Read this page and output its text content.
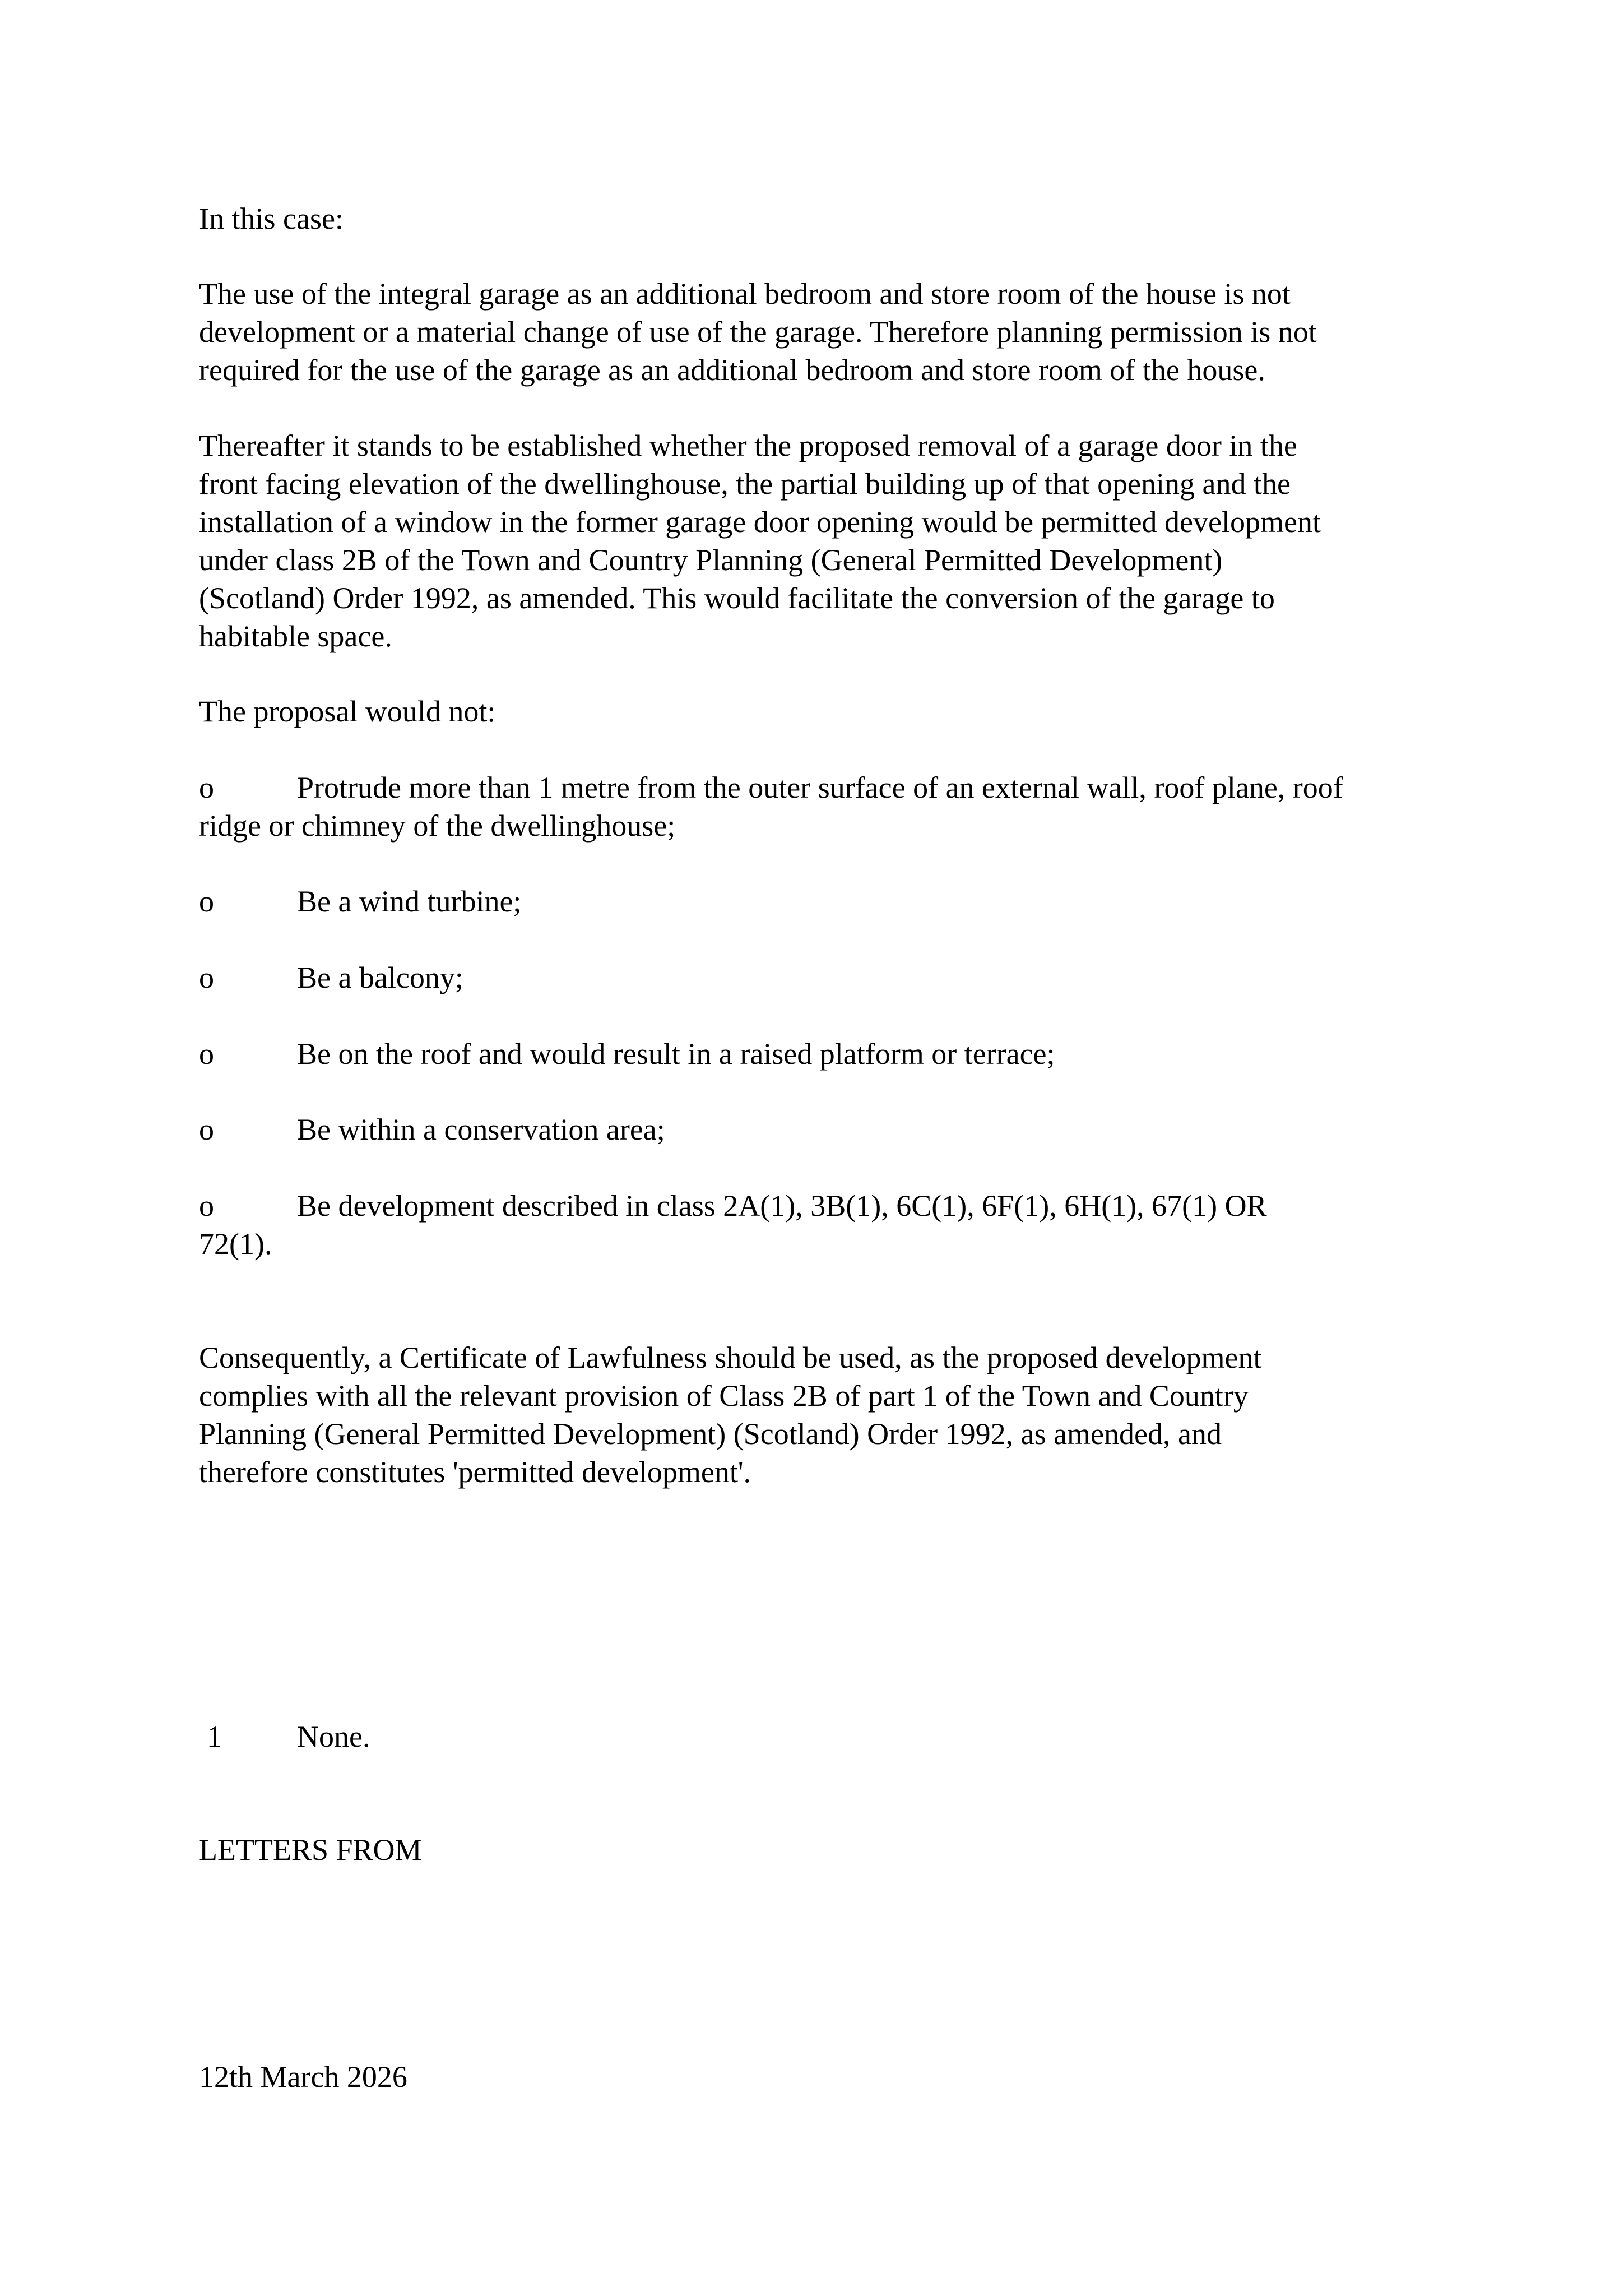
In this case:

The use of the integral garage as an additional bedroom and store room of the house is not
development or a material change of use of the garage. Therefore planning permission is not
required for the use of the garage as an additional bedroom and store room of the house.

Thereafter it stands to be established whether the proposed removal of a garage door in the
front facing elevation of the dwellinghouse, the partial building up of that opening and the
installation of a window in the former garage door opening would be permitted development
under class 2B of the Town and Country Planning (General Permitted Development)
(Scotland) Order 1992, as amended. This would facilitate the conversion of the garage to
habitable space.

The proposal would not:

o	Protrude more than 1 metre from the outer surface of an external wall, roof plane, roof
ridge or chimney of the dwellinghouse;
o	Be a wind turbine;
o	Be a balcony;
o	Be on the roof and would result in a raised platform or terrace;
o	Be within a conservation area;
o	Be development described in class 2A(1), 3B(1), 6C(1), 6F(1), 6H(1), 67(1) OR
72(1).

Consequently, a Certificate of Lawfulness should be used, as the proposed development
complies with all the relevant provision of Class 2B of part 1 of the Town and Country
Planning (General Permitted Development) (Scotland) Order 1992, as amended, and
therefore constitutes 'permitted development'.

1 None.

LETTERS FROM

12th March 2026
